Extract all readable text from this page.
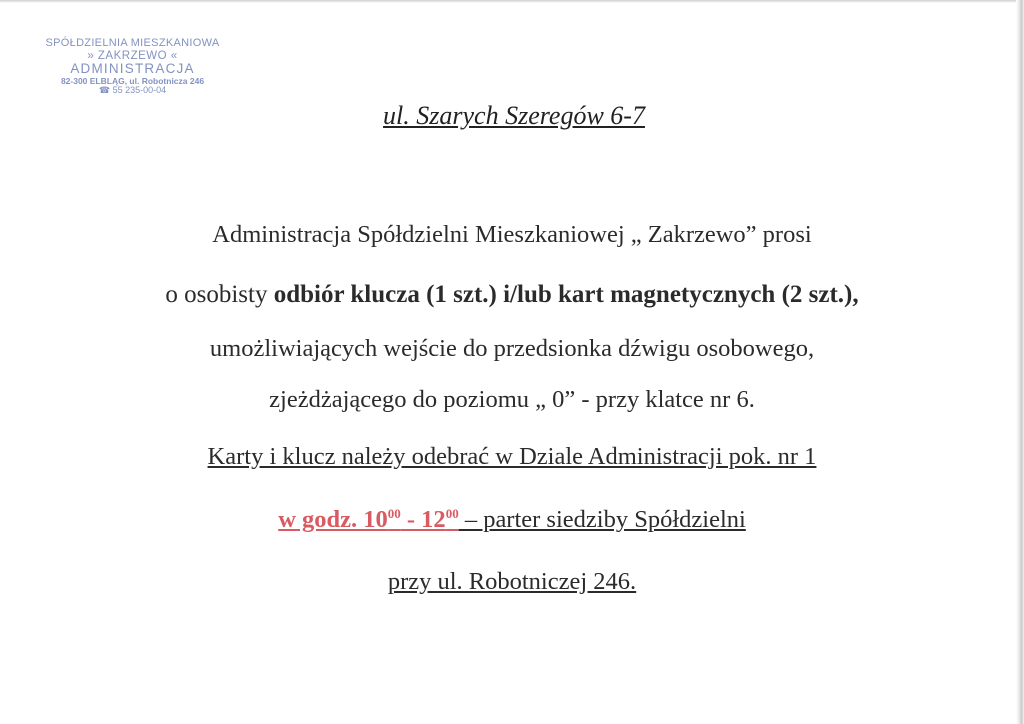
SPÓŁDZIELNIA MIESZKANIOWA
» ZAKRZEWO «
ADMINISTRACJA
82-300 ELBLĄG, ul. Robotnicza 246
☎ 55 235-00-04
ul. Szarych Szeregów 6-7
Administracja Spółdzielni Mieszkaniowej „ Zakrzewo” prosi
o osobisty odbiór klucza (1 szt.) i/lub kart magnetycznych (2 szt.),
umożliwiających wejście do przedsionka dźwigu osobowego,
zjeżdżającego do poziomu „ 0” - przy klatce nr 6.
Karty i klucz należy odebrać w Dziale Administracji pok. nr 1
w godz. $10^{00} - 12^{00}$ – parter siedziby Spółdzielni
przy ul. Robotniczej 246.
